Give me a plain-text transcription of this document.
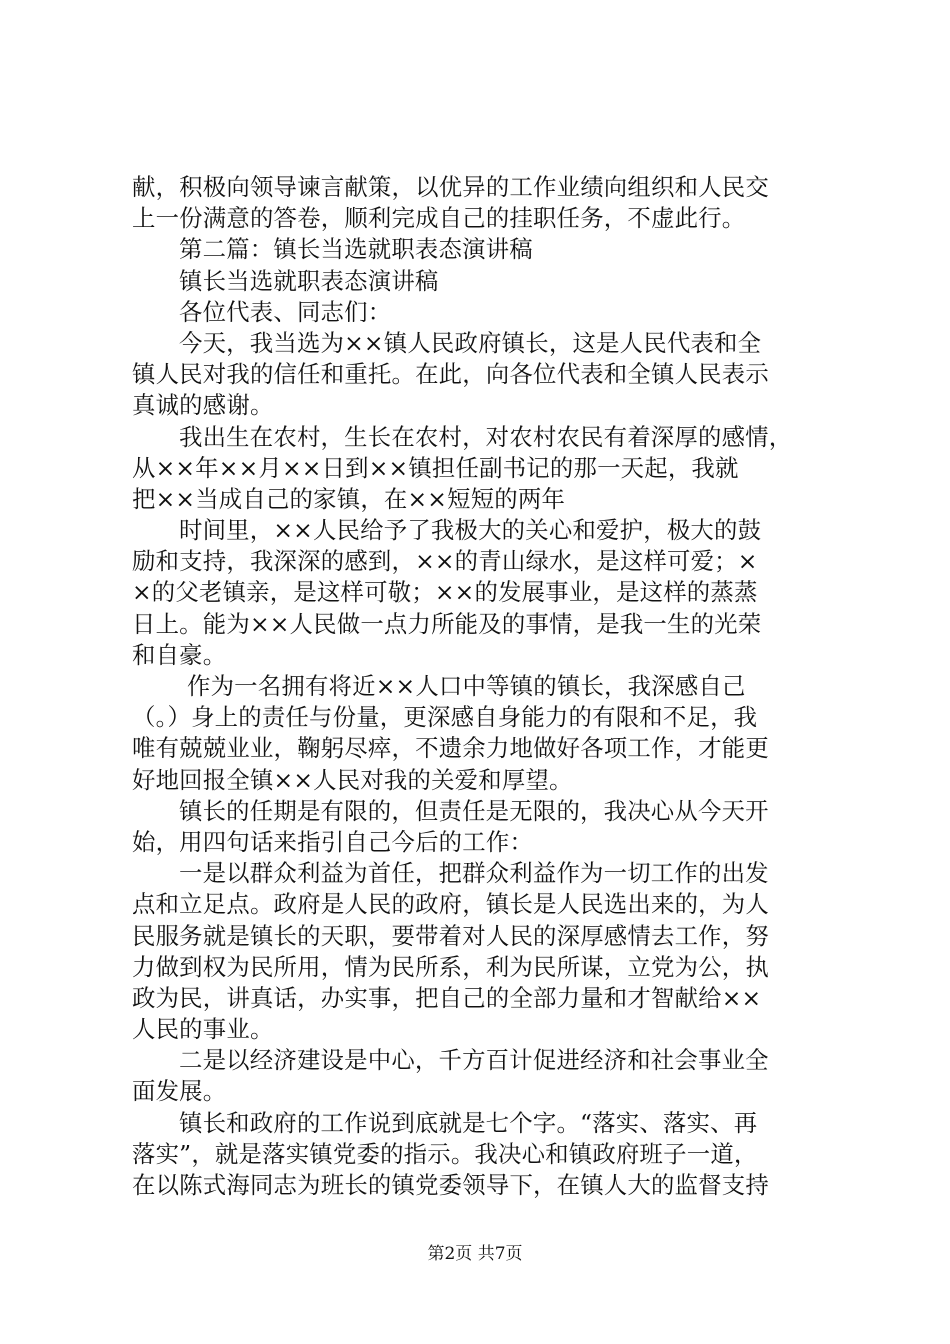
献，积极向领导谏言献策，以优异的工作业绩向组织和人民交
上一份满意的答卷，顺利完成自己的挂职任务，不虚此行。
第二篇：镇长当选就职表态演讲稿
镇长当选就职表态演讲稿
各位代表、同志们：
今天，我当选为××镇人民政府镇长，这是人民代表和全
镇人民对我的信任和重托。在此，向各位代表和全镇人民表示
真诚的感谢。
我出生在农村，生长在农村，对农村农民有着深厚的感情，
从××年××月××日到××镇担任副书记的那一天起，我就
把××当成自己的家镇，在××短短的两年
时间里，××人民给予了我极大的关心和爱护，极大的鼓
励和支持，我深深的感到，××的青山绿水，是这样可爱；×
×的父老镇亲，是这样可敬；××的发展事业，是这样的蒸蒸
日上。能为××人民做一点力所能及的事情，是我一生的光荣
和自豪。
作为一名拥有将近××人口中等镇的镇长，我深感自己
（。）身上的责任与份量，更深感自身能力的有限和不足，我
唯有兢兢业业，鞠躬尽瘁，不遗余力地做好各项工作，才能更
好地回报全镇××人民对我的关爱和厚望。
镇长的任期是有限的，但责任是无限的，我决心从今天开
始，用四句话来指引自己今后的工作：
一是以群众利益为首任，把群众利益作为一切工作的出发
点和立足点。政府是人民的政府，镇长是人民选出来的，为人
民服务就是镇长的天职，要带着对人民的深厚感情去工作，努
力做到权为民所用，情为民所系，利为民所谋，立党为公，执
政为民，讲真话，办实事，把自己的全部力量和才智献给××
人民的事业。
二是以经济建设是中心，千方百计促进经济和社会事业全
面发展。
镇长和政府的工作说到底就是七个字。“落实、落实、再
落实”，就是落实镇党委的指示。我决心和镇政府班子一道，
在以陈式海同志为班长的镇党委领导下，在镇人大的监督支持
第2页 共7页
